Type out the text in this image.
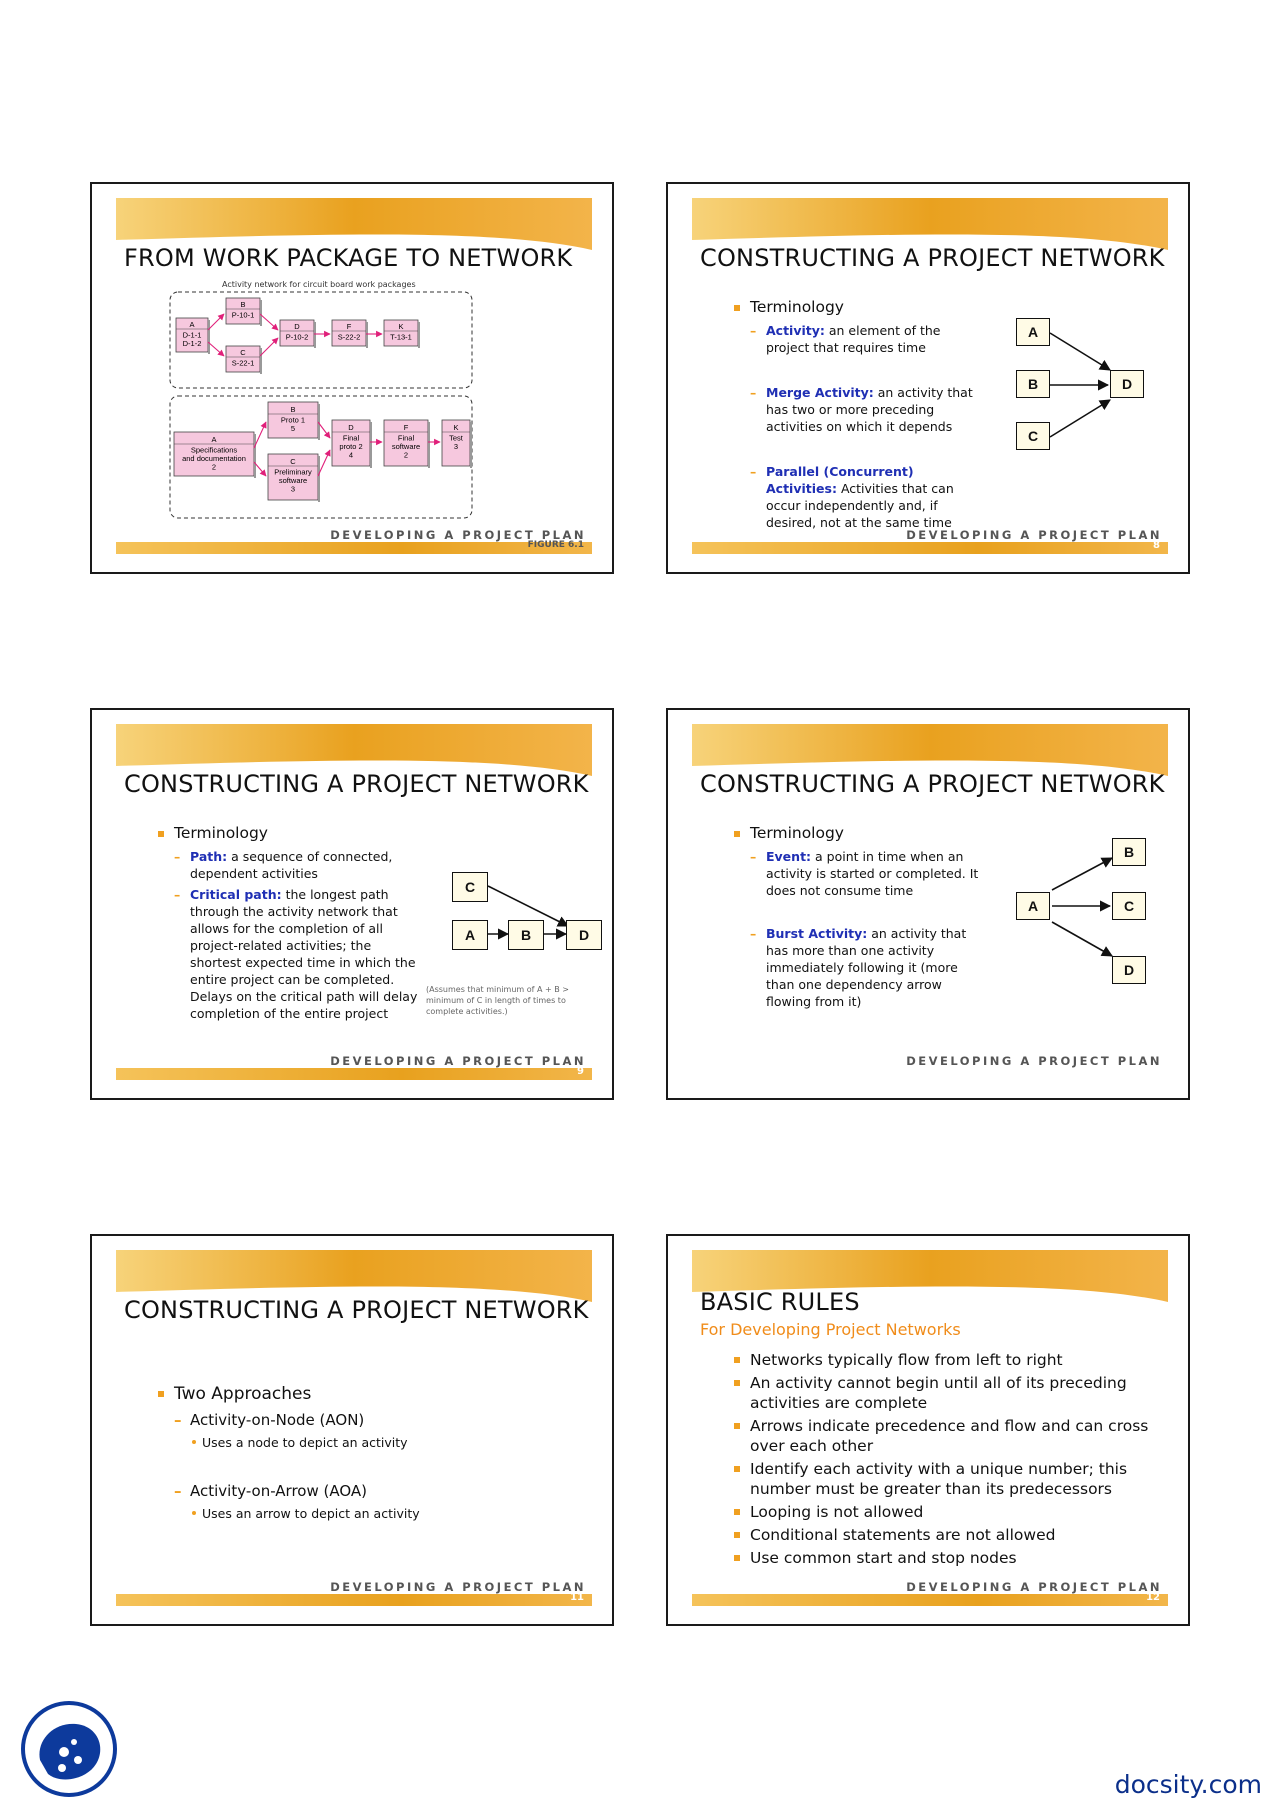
FROM WORK PACKAGE TO NETWORK
Activity network for circuit board work packages
A
D-1-1
D-1-2
B
P-10-1
C
S-22-1
D
P-10-2
F
S-22-2
K
T-13-1
A
Specifications
and documentation
2
B
Proto 1
5
C
Preliminary
software
3
D
Final
proto 2
4
F
Final
software
2
K
Test
3
DEVELOPING A PROJECT PLAN
FIGURE 6.1
CONSTRUCTING A PROJECT NETWORK
Terminology
– Activity: an element of the project that requires time
– Merge Activity: an activity that has two or more preceding activities on which it depends
– Parallel (Concurrent) Activities: Activities that can occur independently and, if desired, not at the same time
A
B
C
D
DEVELOPING A PROJECT PLAN
8
CONSTRUCTING A PROJECT NETWORK
Terminology
– Path: a sequence of connected, dependent activities
– Critical path: the longest path through the activity network that allows for the completion of all project-related activities; the shortest expected time in which the entire project can be completed. Delays on the critical path will delay completion of the entire project
C
A	B	D
(Assumes that minimum of A + B > minimum of C in length of times to complete activities.)
DEVELOPING A PROJECT PLAN
9
CONSTRUCTING A PROJECT NETWORK
Terminology
– Event: a point in time when an activity is started or completed. It does not consume time
– Burst Activity: an activity that has more than one activity immediately following it (more than one dependency arrow flowing from it)
A
B
C
D
DEVELOPING A PROJECT PLAN
CONSTRUCTING A PROJECT NETWORK
Two Approaches
– Activity-on-Node (AON)
Uses a node to depict an activity
– Activity-on-Arrow (AOA)
Uses an arrow to depict an activity
DEVELOPING A PROJECT PLAN
11
BASIC RULES
For Developing Project Networks
Networks typically flow from left to right
An activity cannot begin until all of its preceding activities are complete
Arrows indicate precedence and flow and can cross over each other
Identify each activity with a unique number; this number must be greater than its predecessors
Looping is not allowed
Conditional statements are not allowed
Use common start and stop nodes
DEVELOPING A PROJECT PLAN
12
docsity.com
